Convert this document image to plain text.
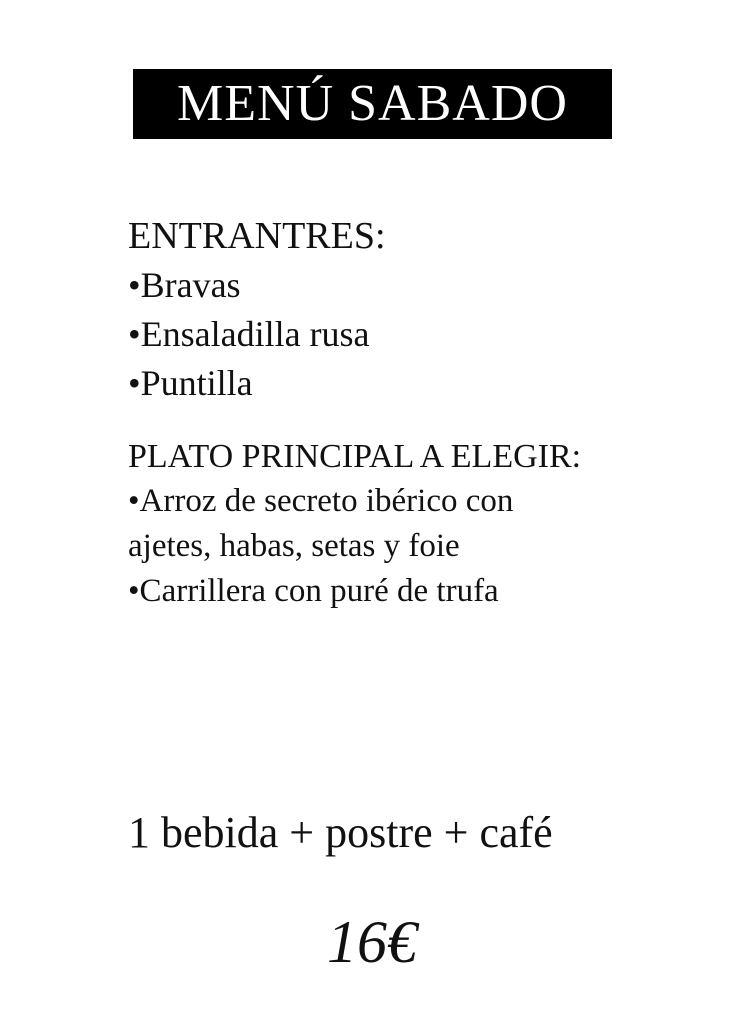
MENÚ SABADO
ENTRANTRES:
•Bravas
•Ensaladilla rusa
•Puntilla
PLATO PRINCIPAL A ELEGIR:
•Arroz de secreto ibérico con ajetes, habas, setas y foie
•Carrillera con puré de trufa
1 bebida + postre + café
16€
